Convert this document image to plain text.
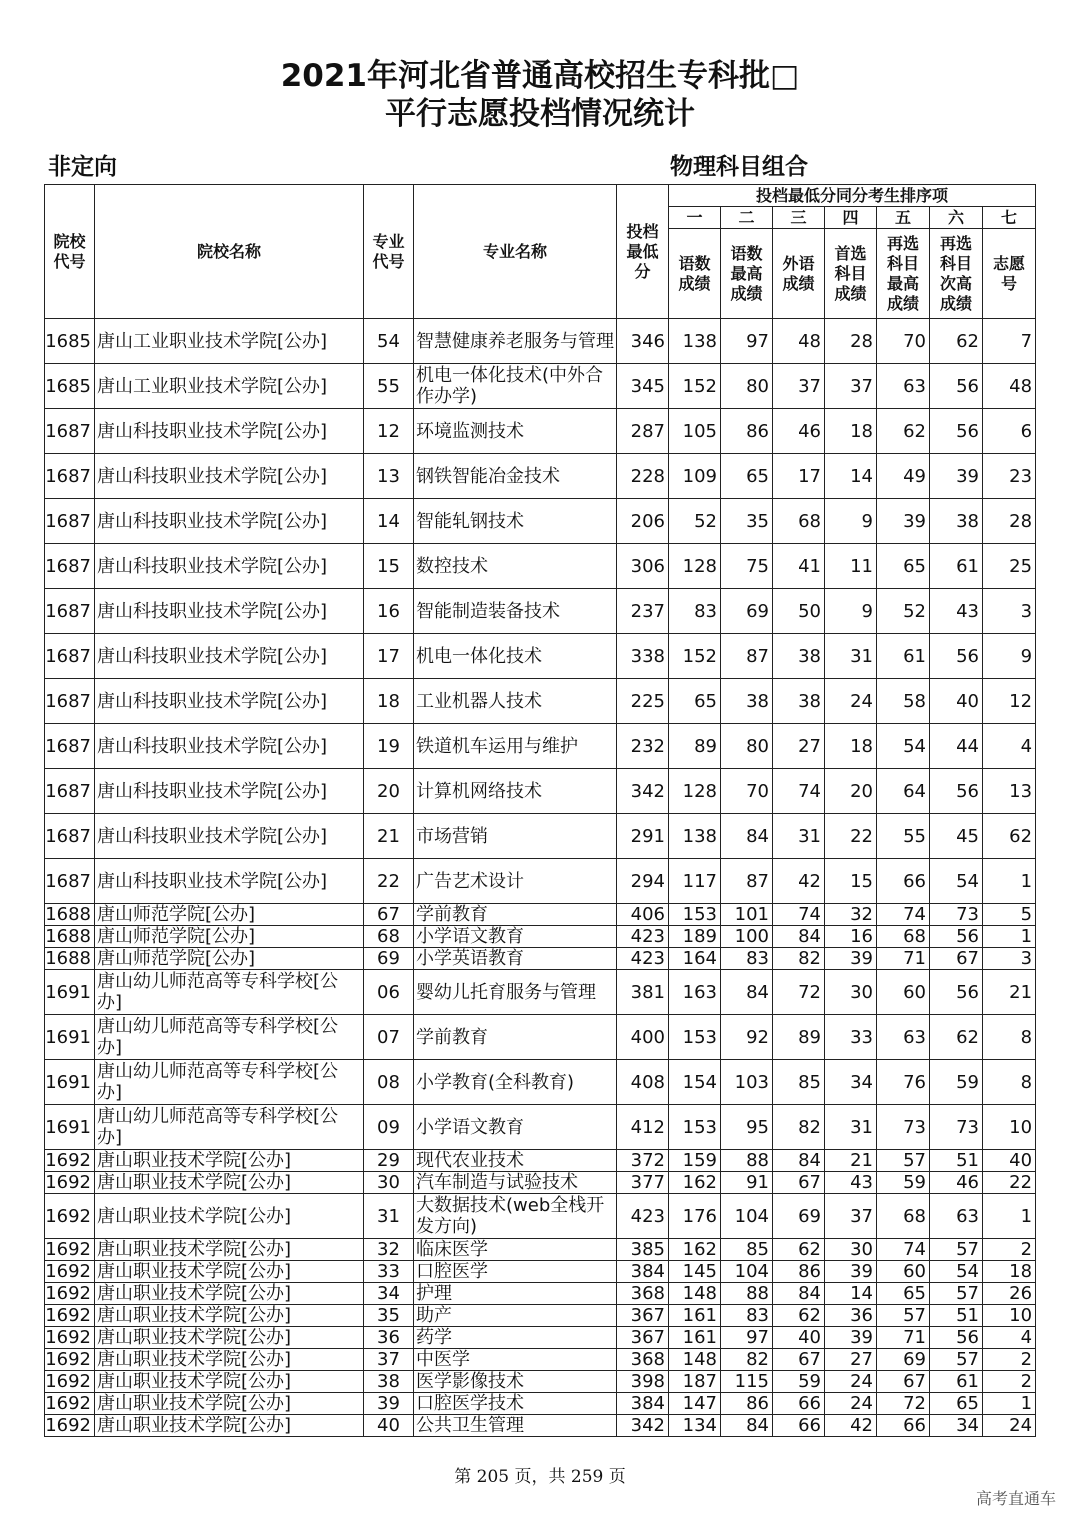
2021年河北省普通高校招生专科批□
平行志愿投档情况统计
非定向	物理科目组合
院校代号	院校名称	专业代号	专业名称	投档最低分	投档最低分同分考生排序项						
					一	二	三	四	五	六	七
					语数成绩	语数最高成绩	外语成绩	首选科目成绩	再选科目最高成绩	再选科目次高成绩	志愿号
1685	唐山工业职业技术学院[公办]	54	智慧健康养老服务与管理	346	138	97	48	28	70	62	7
1685	唐山工业职业技术学院[公办]	55	机电一体化技术(中外合作办学)	345	152	80	37	37	63	56	48
1687	唐山科技职业技术学院[公办]	12	环境监测技术	287	105	86	46	18	62	56	6
1687	唐山科技职业技术学院[公办]	13	钢铁智能冶金技术	228	109	65	17	14	49	39	23
1687	唐山科技职业技术学院[公办]	14	智能轧钢技术	206	52	35	68	9	39	38	28
1687	唐山科技职业技术学院[公办]	15	数控技术	306	128	75	41	11	65	61	25
1687	唐山科技职业技术学院[公办]	16	智能制造装备技术	237	83	69	50	9	52	43	3
1687	唐山科技职业技术学院[公办]	17	机电一体化技术	338	152	87	38	31	61	56	9
1687	唐山科技职业技术学院[公办]	18	工业机器人技术	225	65	38	38	24	58	40	12
1687	唐山科技职业技术学院[公办]	19	铁道机车运用与维护	232	89	80	27	18	54	44	4
1687	唐山科技职业技术学院[公办]	20	计算机网络技术	342	128	70	74	20	64	56	13
1687	唐山科技职业技术学院[公办]	21	市场营销	291	138	84	31	22	55	45	62
1687	唐山科技职业技术学院[公办]	22	广告艺术设计	294	117	87	42	15	66	54	1
1688	唐山师范学院[公办]	67	学前教育	406	153	101	74	32	74	73	5
1688	唐山师范学院[公办]	68	小学语文教育	423	189	100	84	16	68	56	1
1688	唐山师范学院[公办]	69	小学英语教育	423	164	83	82	39	71	67	3
1691	唐山幼儿师范高等专科学校[公办]	06	婴幼儿托育服务与管理	381	163	84	72	30	60	56	21
1691	唐山幼儿师范高等专科学校[公办]	07	学前教育	400	153	92	89	33	63	62	8
1691	唐山幼儿师范高等专科学校[公办]	08	小学教育(全科教育)	408	154	103	85	34	76	59	8
1691	唐山幼儿师范高等专科学校[公办]	09	小学语文教育	412	153	95	82	31	73	73	10
1692	唐山职业技术学院[公办]	29	现代农业技术	372	159	88	84	21	57	51	40
1692	唐山职业技术学院[公办]	30	汽车制造与试验技术	377	162	91	67	43	59	46	22
1692	唐山职业技术学院[公办]	31	大数据技术(web全栈开发方向)	423	176	104	69	37	68	63	1
1692	唐山职业技术学院[公办]	32	临床医学	385	162	85	62	30	74	57	2
1692	唐山职业技术学院[公办]	33	口腔医学	384	145	104	86	39	60	54	18
1692	唐山职业技术学院[公办]	34	护理	368	148	88	84	14	65	57	26
1692	唐山职业技术学院[公办]	35	助产	367	161	83	62	36	57	51	10
1692	唐山职业技术学院[公办]	36	药学	367	161	97	40	39	71	56	4
1692	唐山职业技术学院[公办]	37	中医学	368	148	82	67	27	69	57	2
1692	唐山职业技术学院[公办]	38	医学影像技术	398	187	115	59	24	67	61	2
1692	唐山职业技术学院[公办]	39	口腔医学技术	384	147	86	66	24	72	65	1
1692	唐山职业技术学院[公办]	40	公共卫生管理	342	134	84	66	42	66	34	24
第 205 页，共 259 页
高考直通车
